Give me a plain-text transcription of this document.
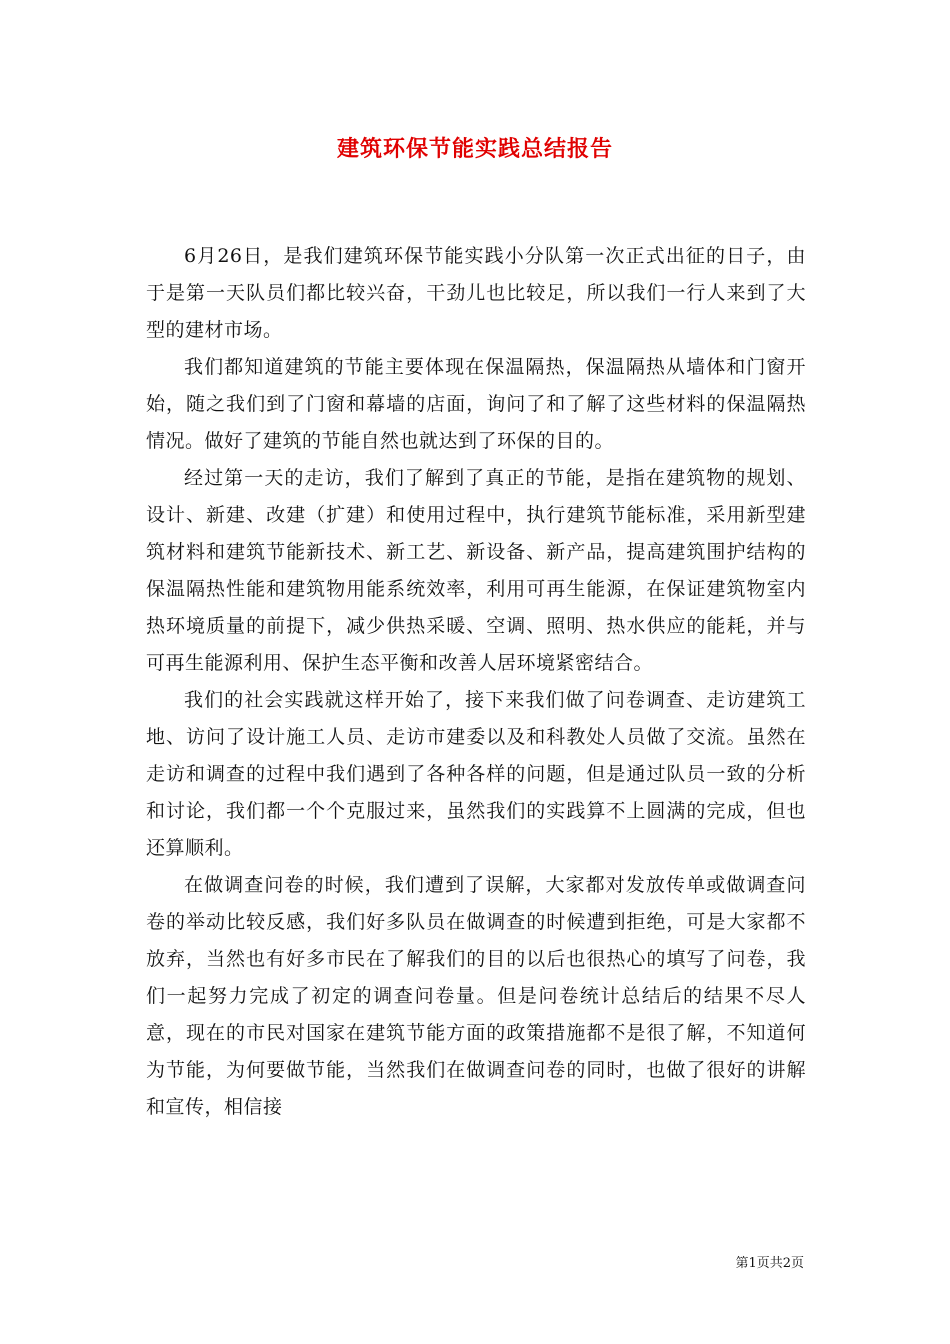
建筑环保节能实践总结报告

6月26日，是我们建筑环保节能实践小分队第一次正式出征的日子，由于是第一天队员们都比较兴奋，干劲儿也比较足，所以我们一行人来到了大型的建材市场。

我们都知道建筑的节能主要体现在保温隔热，保温隔热从墙体和门窗开始，随之我们到了门窗和幕墙的店面，询问了和了解了这些材料的保温隔热情况。做好了建筑的节能自然也就达到了环保的目的。

经过第一天的走访，我们了解到了真正的节能，是指在建筑物的规划、设计、新建、改建（扩建）和使用过程中，执行建筑节能标准，采用新型建筑材料和建筑节能新技术、新工艺、新设备、新产品，提高建筑围护结构的保温隔热性能和建筑物用能系统效率，利用可再生能源，在保证建筑物室内热环境质量的前提下，减少供热采暖、空调、照明、热水供应的能耗，并与可再生能源利用、保护生态平衡和改善人居环境紧密结合。

我们的社会实践就这样开始了，接下来我们做了问卷调查、走访建筑工地、访问了设计施工人员、走访市建委以及和科教处人员做了交流。虽然在走访和调查的过程中我们遇到了各种各样的问题，但是通过队员一致的分析和讨论，我们都一个个克服过来，虽然我们的实践算不上圆满的完成，但也还算顺利。

在做调查问卷的时候，我们遭到了误解，大家都对发放传单或做调查问卷的举动比较反感，我们好多队员在做调查的时候遭到拒绝，可是大家都不放弃，当然也有好多市民在了解我们的目的以后也很热心的填写了问卷，我们一起努力完成了初定的调查问卷量。但是问卷统计总结后的结果不尽人意，现在的市民对国家在建筑节能方面的政策措施都不是很了解，不知道何为节能，为何要做节能，当然我们在做调查问卷的同时，也做了很好的讲解和宣传，相信接

第1页共2页
